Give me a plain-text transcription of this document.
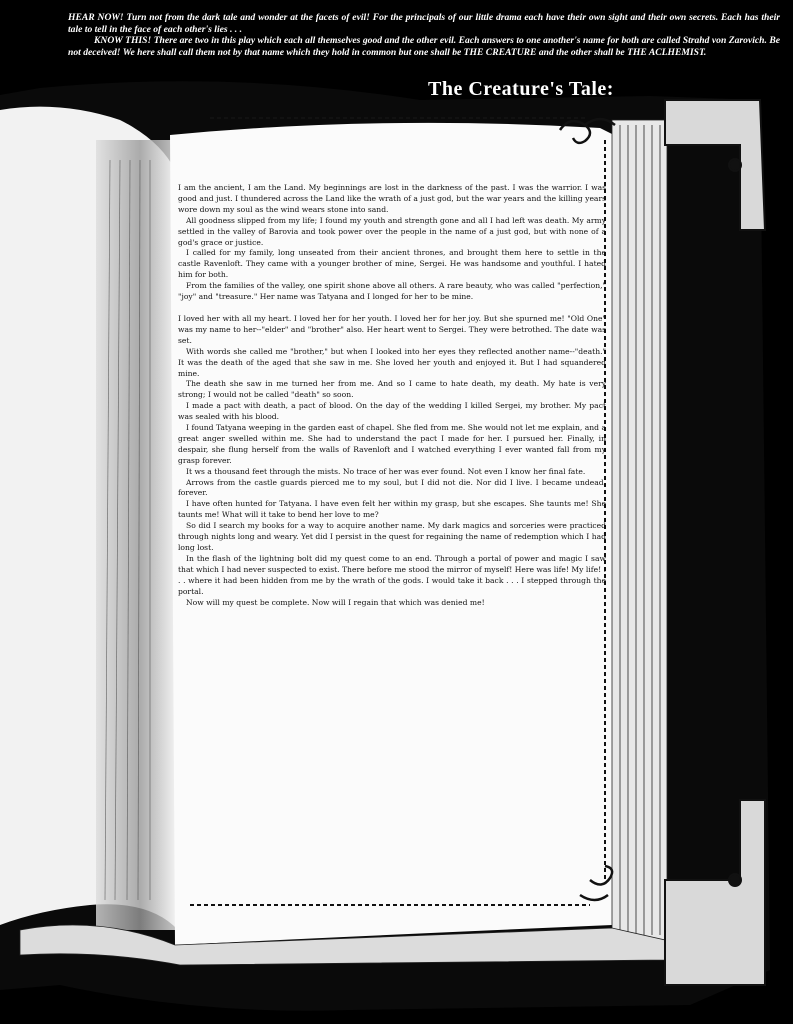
HEAR NOW! Turn not from the dark tale and wonder at the facets of evil! For the principals of our little drama each have their own sight and their own secrets. Each has their tale to tell in the face of each other's lies . . .

KNOW THIS! There are two in this play which each all themselves good and the other evil. Each answers to one another's name for both are called Strahd von Zarovich. Be not deceived! We here shall call them not by that name which they hold in common but one shall be THE CREATURE and the other shall be THE ACLHEMIST.

The Creature's Tale:

I am the ancient, I am the Land. My beginnings are lost in the darkness of the past. I was the warrior. I was good and just. I thundered across the Land like the wrath of a just god, but the war years and the killing years wore down my soul as the wind wears stone into sand.

All goodness slipped from my life; I found my youth and strength gone and all I had left was death. My army settled in the valley of Barovia and took power over the people in the name of a just god, but with none of a god's grace or justice.

I called for my family, long unseated from their ancient thrones, and brought them here to settle in the castle Ravenloft. They came with a younger brother of mine, Sergei. He was handsome and youthful. I hated him for both.

From the families of the valley, one spirit shone above all others. A rare beauty, who was called "perfection," "joy" and "treasure." Her name was Tatyana and I longed for her to be mine.

I loved her with all my heart. I loved her for her youth. I loved her for her joy. But she spurned me! "Old One" was my name to her--"elder" and "brother" also. Her heart went to Sergei. They were betrothed. The date was set.

With words she called me "brother," but when I looked into her eyes they reflected another name--"death." It was the death of the aged that she saw in me. She loved her youth and enjoyed it. But I had squandered mine.

The death she saw in me turned her from me. And so I came to hate death, my death. My hate is very strong; I would not be called "death" so soon.

I made a pact with death, a pact of blood. On the day of the wedding I killed Sergei, my brother. My pact was sealed with his blood.

I found Tatyana weeping in the garden east of chapel. She fled from me. She would not let me explain, and a great anger swelled within me. She had to understand the pact I made for her. I pursued her. Finally, in despair, she flung herself from the walls of Ravenloft and I watched everything I ever wanted fall from my grasp forever.

It ws a thousand feet through the mists. No trace of her was ever found. Not even I know her final fate.

Arrows from the castle guards pierced me to my soul, but I did not die. Nor did I live. I became undead, forever.

I have often hunted for Tatyana. I have even felt her within my grasp, but she escapes. She taunts me! She taunts me! What will it take to bend her love to me?

So did I search my books for a way to acquire another name. My dark magics and sorceries were practiced through nights long and weary. Yet did I persist in the quest for regaining the name of redemption which I had long lost.

In the flash of the lightning bolt did my quest come to an end. Through a portal of power and magic I saw that which I had never suspected to exist. There before me stood the mirror of myself! Here was life! My life! . . . where it had been hidden from me by the wrath of the gods. I would take it back . . . I stepped through the portal.

Now will my quest be complete. Now will I regain that which was denied me!
